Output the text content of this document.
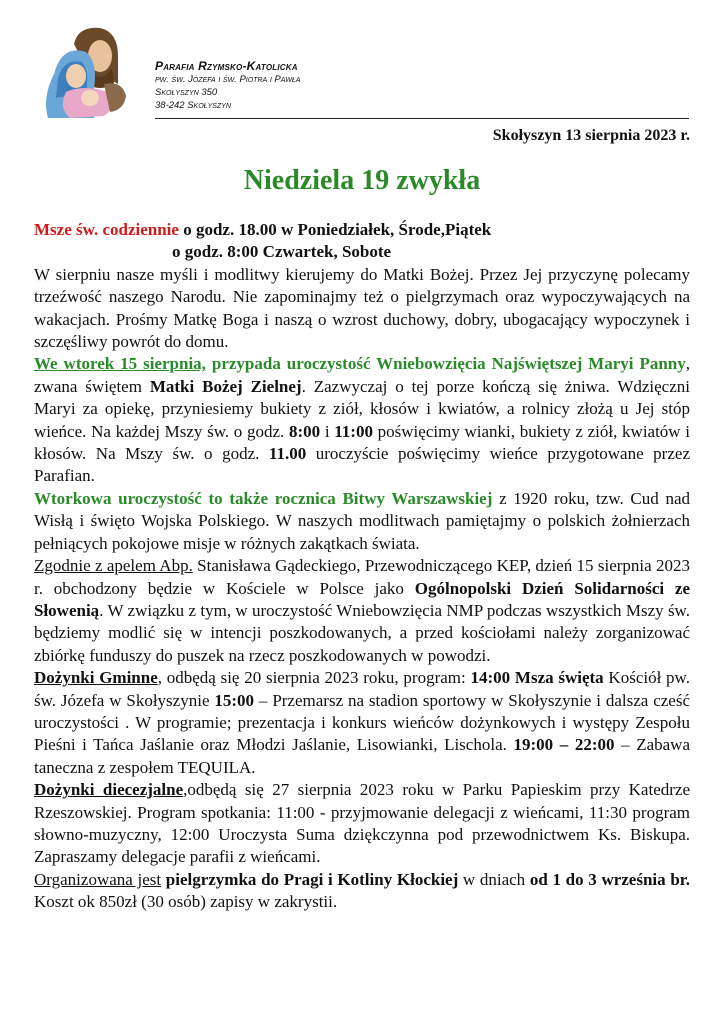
Parafia Rzymsko-Katolicka
pw. św. Józefa i św. Piotra i Pawła
Skołyszyn 350
38-242 Skołyszyn
Skołyszyn 13 sierpnia 2023 r.
Niedziela 19 zwykła

Msze św. codziennie o godz. 18.00 w Poniedziałek, Środe,Piątek

o godz. 8:00 Czwartek, Sobote

W sierpniu nasze myśli i modlitwy kierujemy do Matki Bożej. Przez Jej przyczynę polecamy trzeźwość naszego Narodu. Nie zapominajmy też o pielgrzymach oraz wypoczywających na wakacjach. Prośmy Matkę Boga i naszą o wzrost duchowy, dobry, ubogacający wypoczynek i szczęśliwy powrót do domu.

We wtorek 15 sierpnia, przypada uroczystość Wniebowzięcia Najświętszej Maryi Panny, zwana świętem Matki Bożej Zielnej. Zazwyczaj o tej porze kończą się żniwa. Wdzięczni Maryi za opiekę, przyniesiemy bukiety z ziół, kłosów i kwiatów, a rolnicy złożą u Jej stóp wieńce. Na każdej Mszy św. o godz. 8:00 i 11:00 poświęcimy wianki, bukiety z ziół, kwiatów i kłosów. Na Mszy św. o godz. 11.00 uroczyście poświęcimy wieńce przygotowane przez Parafian.

Wtorkowa uroczystość to także rocznica Bitwy Warszawskiej z 1920 roku, tzw. Cud nad Wisłą i święto Wojska Polskiego. W naszych modlitwach pamiętajmy o polskich żołnierzach pełniących pokojowe misje w różnych zakątkach świata.

Zgodnie z apelem Abp. Stanisława Gądeckiego, Przewodniczącego KEP, dzień 15 sierpnia 2023 r. obchodzony będzie w Kościele w Polsce jako Ogólnopolski Dzień Solidarności ze Słowenią. W związku z tym, w uroczystość Wniebowzięcia NMP podczas wszystkich Mszy św. będziemy modlić się w intencji poszkodowanych, a przed kościołami należy zorganizować zbiórkę funduszy do puszek na rzecz poszkodowanych w powodzi.

Dożynki Gminne, odbędą się 20 sierpnia 2023 roku, program: 14:00 Msza święta Kościół pw. św. Józefa w Skołyszynie 15:00 – Przemarsz na stadion sportowy w Skołyszynie i dalsza cześć uroczystości . W programie; prezentacja i konkurs wieńców dożynkowych i występy Zespołu Pieśni i Tańca Jaślanie oraz Młodzi Jaślanie, Lisowianki, Lischola. 19:00 – 22:00 – Zabawa taneczna z zespołem TEQUILA.

Dożynki diecezjalne,odbędą się 27 sierpnia 2023 roku w Parku Papieskim przy Katedrze Rzeszowskiej. Program spotkania: 11:00 - przyjmowanie delegacji z wieńcami, 11:30 program słowno-muzyczny, 12:00 Uroczysta Suma dziękczynna pod przewodnictwem Ks. Biskupa. Zapraszamy delegacje parafii z wieńcami.

Organizowana jest pielgrzymka do Pragi i Kotliny Kłockiej w dniach od 1 do 3 września br. Koszt ok 850zł (30 osób) zapisy w zakrystii.
